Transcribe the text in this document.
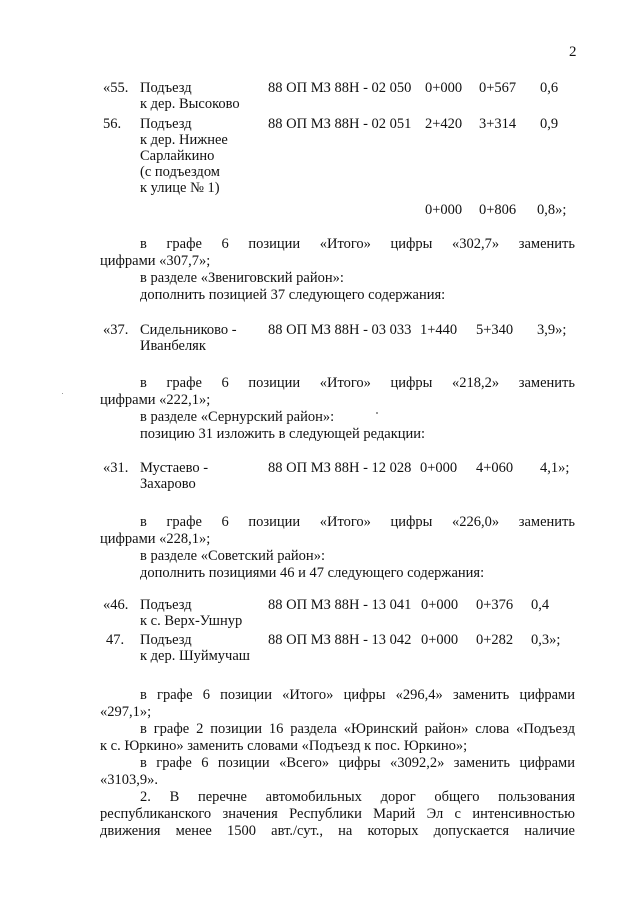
2
«55. Подъезд
к дер. Высоково
88 ОП МЗ 88Н - 02 050 0+000 0+567 0,6
56. Подъезд
к дер. Нижнее
Сарлайкино
(с подъездом
к улице № 1)
88 ОП МЗ 88Н - 02 051 2+420 3+314 0,9
0+000 0+806 0,8»;
в графе 6 позиции «Итого» цифры «302,7» заменить
цифрами «307,7»;
в разделе «Звениговский район»:
дополнить позицией 37 следующего содержания:
«37. Сидельниково -
Иванбеляк
88 ОП МЗ 88Н - 03 033 1+440 5+340 3,9»;
в графе 6 позиции «Итого» цифры «218,2» заменить
цифрами «222,1»;
в разделе «Сернурский район»:
позицию 31 изложить в следующей редакции:
«31. Мустаево -
Захарово
88 ОП МЗ 88Н - 12 028 0+000 4+060 4,1»;
в графе 6 позиции «Итого» цифры «226,0» заменить
цифрами «228,1»;
в разделе «Советский район»:
дополнить позициями 46 и 47 следующего содержания:
«46. Подъезд
к с. Верх-Ушнур
88 ОП МЗ 88Н - 13 041 0+000 0+376 0,4
47. Подъезд
к дер. Шуймучаш
88 ОП МЗ 88Н - 13 042 0+000 0+282 0,3»;
в графе 6 позиции «Итого» цифры «296,4» заменить цифрами
«297,1»;
в графе 2 позиции 16 раздела «Юринский район» слова «Подъезд
к с. Юркино» заменить словами «Подъезд к пос. Юркино»;
в графе 6 позиции «Всего» цифры «3092,2» заменить цифрами
«3103,9».
2. В перечне автомобильных дорог общего пользования
республиканского значения Республики Марий Эл с интенсивностью
движения менее 1500 авт./сут., на которых допускается наличие
